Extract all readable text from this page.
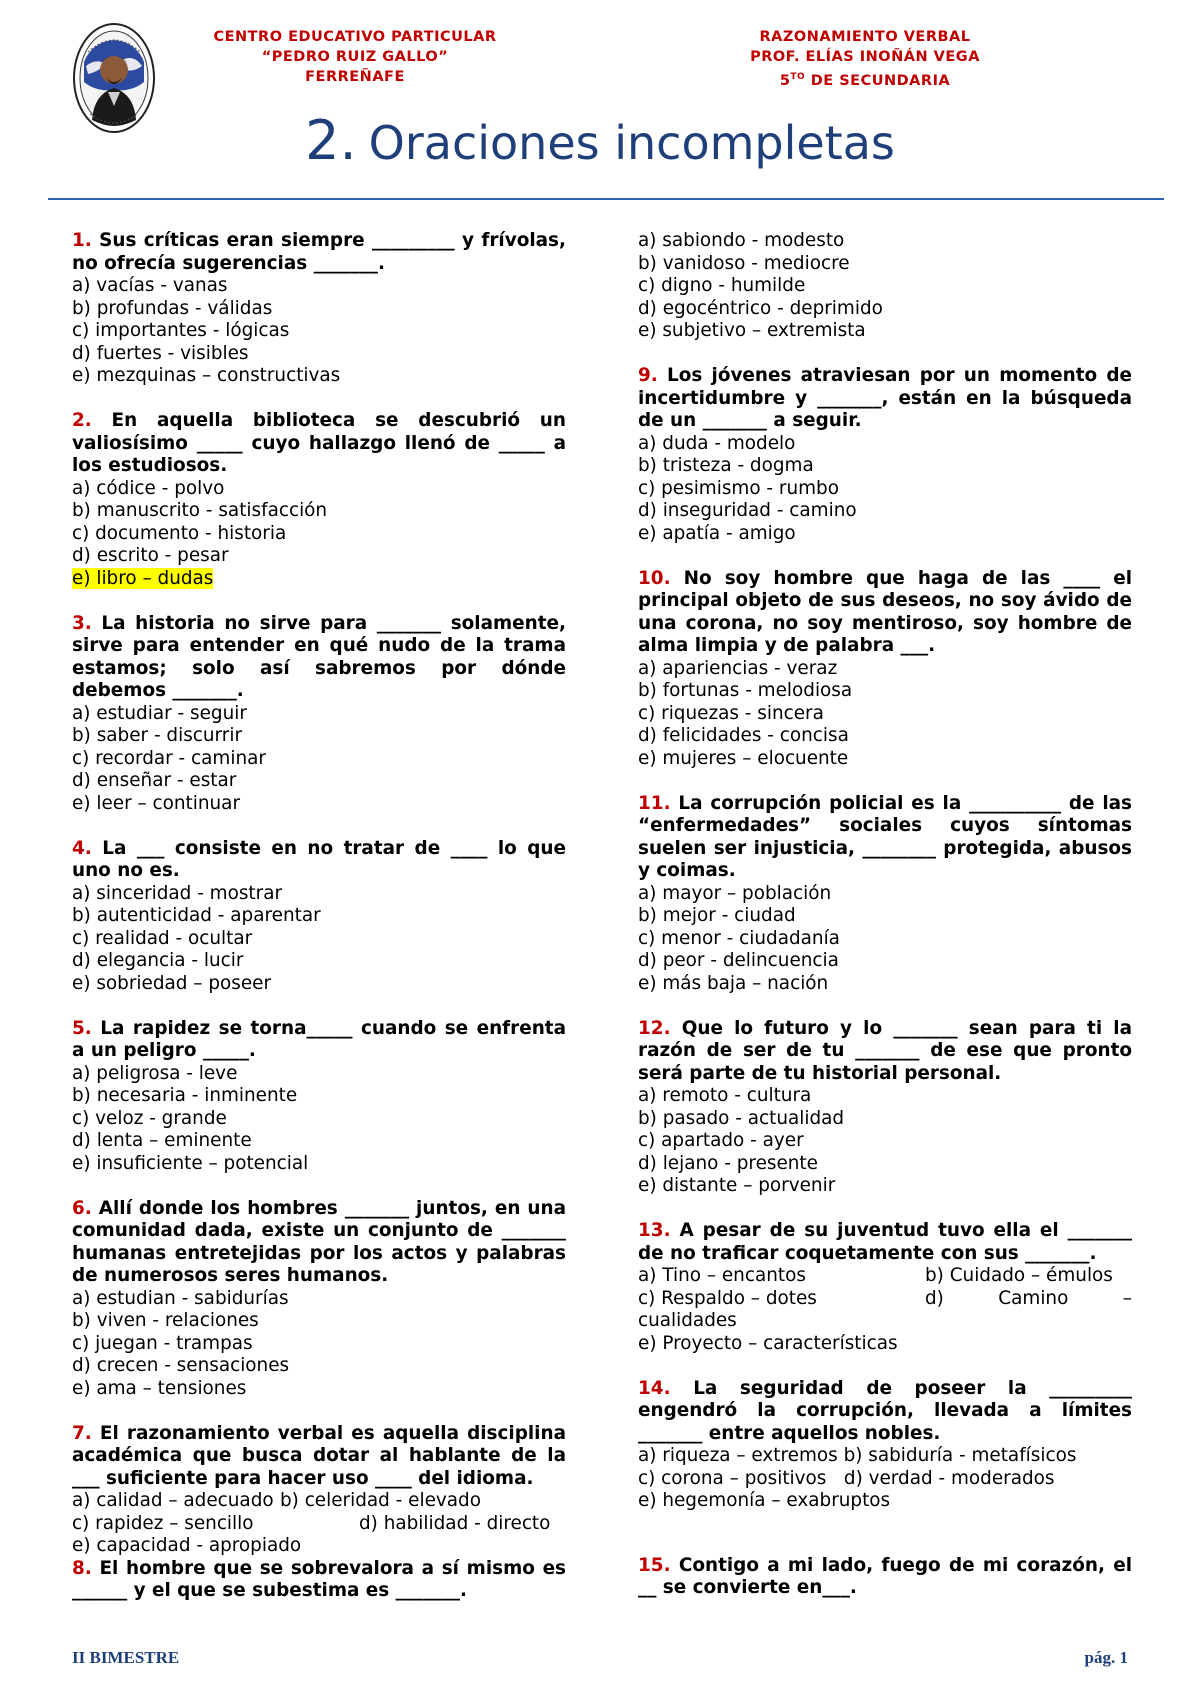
CENTRO EDUCATIVO PARTICULAR
“PEDRO RUIZ GALLO”
FERREÑAFE
RAZONAMIENTO VERBAL
PROF. ELÍAS INOÑÁN VEGA
$5^{TO}$ DE SECUNDARIA
2. Oraciones incompletas
1. Sus críticas eran siempre _________ y frívolas, no ofrecía sugerencias _______.
a) vacías - vanas
b) profundas - válidas
c) importantes - lógicas
d) fuertes - visibles
e) mezquinas – constructivas
2. En aquella biblioteca se descubrió un valiosísimo _____ cuyo hallazgo llenó de _____ a los estudiosos.
a) códice - polvo
b) manuscrito - satisfacción
c) documento - historia
d) escrito - pesar
e) libro – dudas
3. La historia no sirve para _______ solamente, sirve para entender en qué nudo de la trama estamos; solo así sabremos por dónde debemos _______.
a) estudiar - seguir
b) saber - discurrir
c) recordar - caminar
d) enseñar - estar
e) leer – continuar
4. La ___ consiste en no tratar de ____ lo que uno no es.
a) sinceridad - mostrar
b) autenticidad - aparentar
c) realidad - ocultar
d) elegancia - lucir
e) sobriedad – poseer
5. La rapidez se torna_____ cuando se enfrenta a un peligro _____.
a) peligrosa - leve
b) necesaria - inminente
c) veloz - grande
d) lenta – eminente
e) insuficiente – potencial
6. Allí donde los hombres _______ juntos, en una comunidad dada, existe un conjunto de _______ humanas entretejidas por los actos y palabras de numerosos seres humanos.
a) estudian - sabidurías
b) viven - relaciones
c) juegan - trampas
d) crecen - sensaciones
e) ama – tensiones
7. El razonamiento verbal es aquella disciplina académica que busca dotar al hablante de la ___ suficiente para hacer uso ____ del idioma.
a) calidad – adecuado b) celeridad - elevado
c) rapidez – sencillo	d) habilidad - directo
e) capacidad - apropiado
8. El hombre que se sobrevalora a sí mismo es ______ y el que se subestima es _______.
a) sabiondo - modesto
b) vanidoso - mediocre
c) digno - humilde
d) egocéntrico - deprimido
e) subjetivo – extremista
9. Los jóvenes atraviesan por un momento de incertidumbre y _______, están en la búsqueda de un _______ a seguir.
a) duda - modelo
b) tristeza - dogma
c) pesimismo - rumbo
d) inseguridad - camino
e) apatía - amigo
10. No soy hombre que haga de las ____ el principal objeto de sus deseos, no soy ávido de una corona, no soy mentiroso, soy hombre de alma limpia y de palabra ___.
a) apariencias - veraz
b) fortunas - melodiosa
c) riquezas - sincera
d) felicidades - concisa
e) mujeres – elocuente
11. La corrupción policial es la __________ de las “enfermedades” sociales cuyos síntomas suelen ser injusticia, ________ protegida, abusos y coimas.
a) mayor – población
b) mejor - ciudad
c) menor - ciudadanía
d) peor - delincuencia
e) más baja – nación
12. Que lo futuro y lo _______ sean para ti la razón de ser de tu _______ de ese que pronto será parte de tu historial personal.
a) remoto - cultura
b) pasado - actualidad
c) apartado - ayer
d) lejano - presente
e) distante – porvenir
13. A pesar de su juventud tuvo ella el _______ de no traficar coquetamente con sus _______.
a) Tino – encantos	b) Cuidado – émulos
c) Respaldo – dotes	d)	Camino	–
cualidades
e) Proyecto – características
14. La seguridad de poseer la _________ engendró la corrupción, llevada a límites _______ entre aquellos nobles.
a) riqueza – extremos b) sabiduría - metafísicos
c) corona – positivos   d) verdad - moderados
e) hegemonía – exabruptos
15. Contigo a mi lado, fuego de mi corazón, el __ se convierte en___.
II BIMESTRE	pág. 1
